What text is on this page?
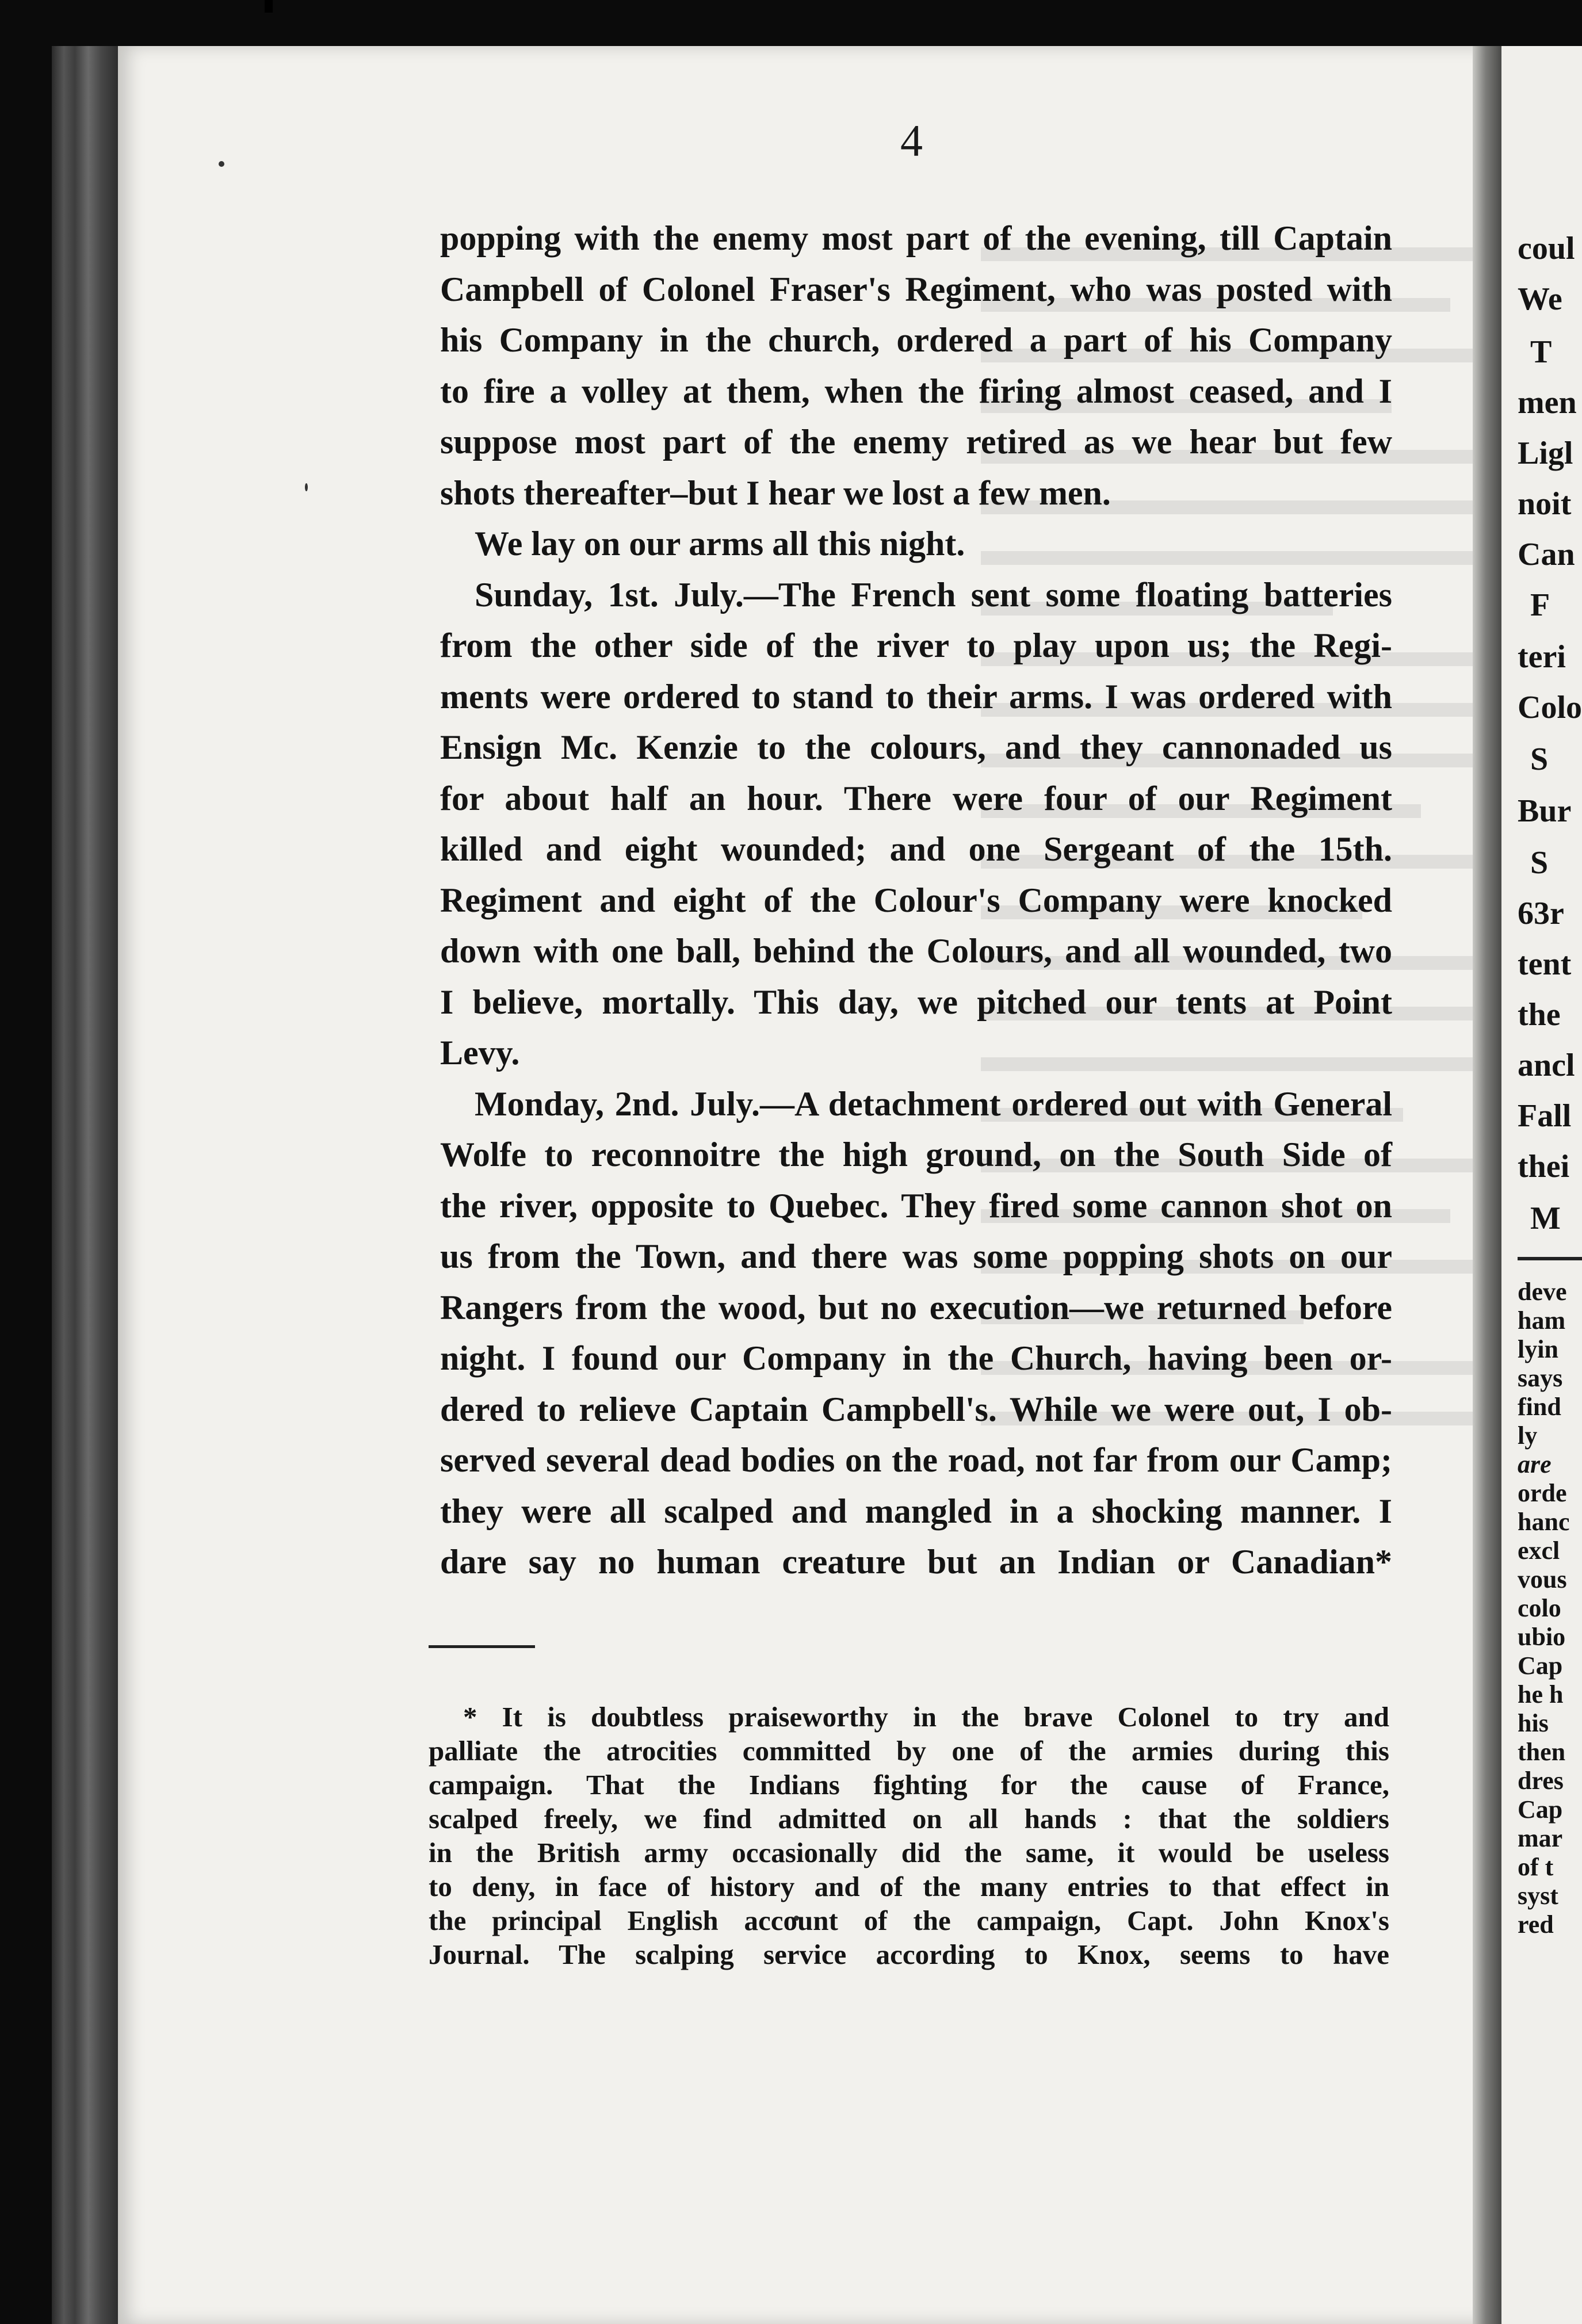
4
popping with the enemy most part of the evening, till Captain
Campbell of Colonel Fraser's Regiment, who was posted with
his Company in the church, ordered a part of his Company
to fire a volley at them, when the firing almost ceased, and I
suppose most part of the enemy retired as we hear but few
shots thereafter–but I hear we lost a few men.
We lay on our arms all this night.
Sunday, 1st. July.—The French sent some floating batteries
from the other side of the river to play upon us; the Regi-
ments were ordered to stand to their arms. I was ordered with
Ensign Mc. Kenzie to the colours, and they cannonaded us
for about half an hour. There were four of our Regiment
killed and eight wounded; and one Sergeant of the 15th.
Regiment and eight of the Colour's Company were knocked
down with one ball, behind the Colours, and all wounded, two
I believe, mortally. This day, we pitched our tents at Point
Levy.
Monday, 2nd. July.—A detachment ordered out with General
Wolfe to reconnoitre the high ground, on the South Side of
the river, opposite to Quebec. They fired some cannon shot on
us from the Town, and there was some popping shots on our
Rangers from the wood, but no execution—we returned before
night. I found our Company in the Church, having been or-
dered to relieve Captain Campbell's. While we were out, I ob-
served several dead bodies on the road, not far from our Camp;
they were all scalped and mangled in a shocking manner. I
dare say no human creature but an Indian or Canadian*
* It is doubtless praiseworthy in the brave Colonel to try and
palliate the atrocities committed by one of the armies during this
campaign. That the Indians fighting for the cause of France,
scalped freely, we find admitted on all hands : that the soldiers
in the British army occasionally did the same, it would be useless
to deny, in face of history and of the many entries to that effect in
the principal English account of the campaign, Capt. John Knox's
Journal. The scalping service according to Knox, seems to have
coul
We
T
men
Ligl
noit
Can
F
teri
Colo
S
Bur
S
63r
tent
the
ancl
Fall
thei
M
deve
ham
lyin
says
find
ly
are
orde
hanc
excl
vous
colo
ubio
Cap
he h
his
then
dres
Cap
mar
of t
syst
red
